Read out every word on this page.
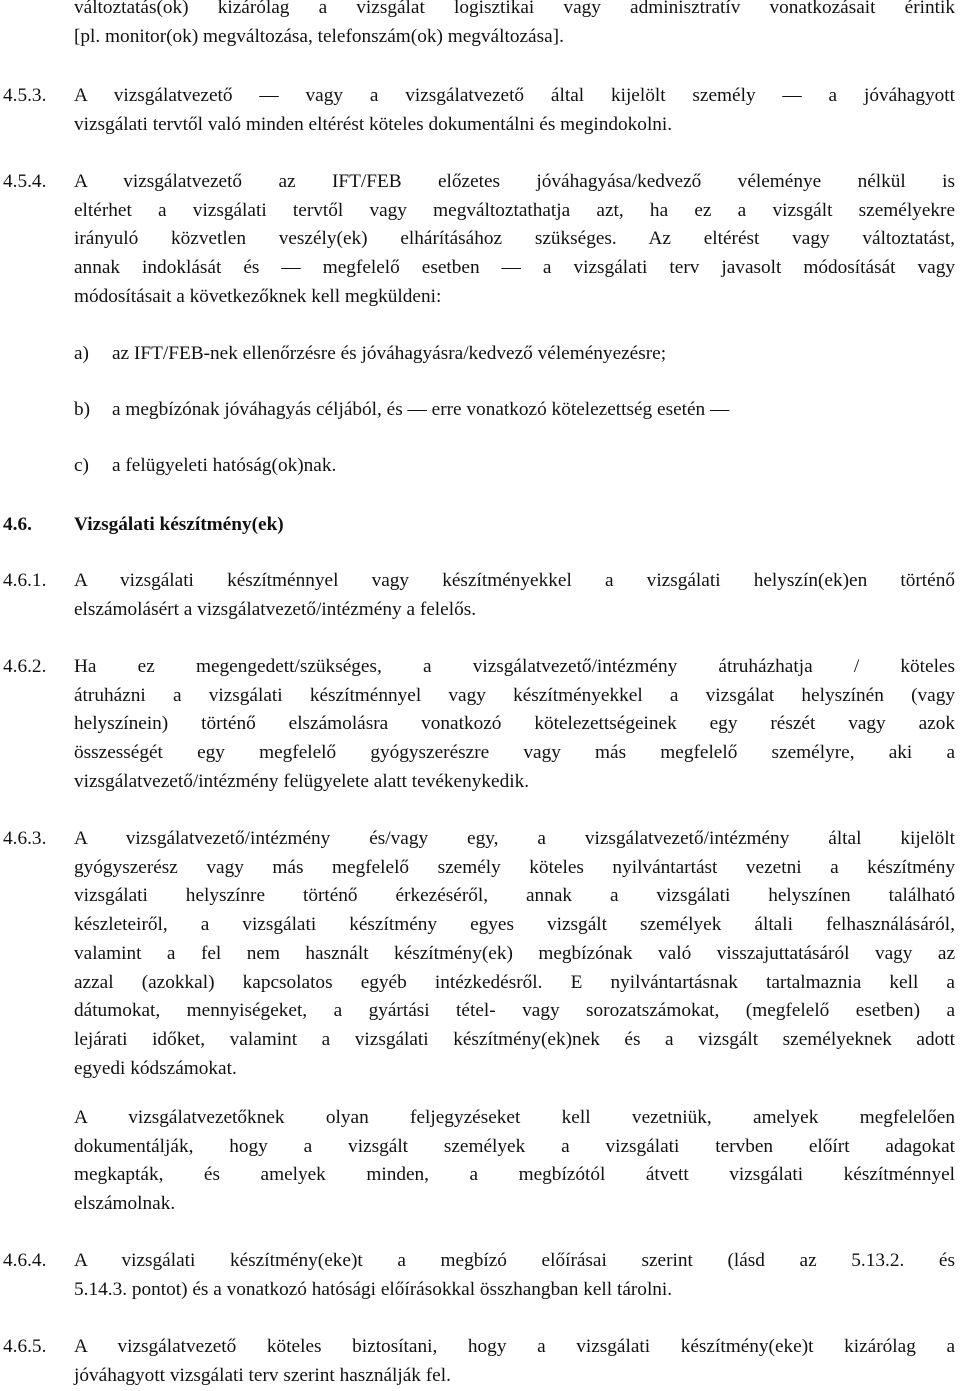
változtatás(ok) kizárólag a vizsgálat logisztikai vagy adminisztratív vonatkozásait érintik

[pl. monitor(ok) megváltozása, telefonszám(ok) megváltozása].

4.5.3. A vizsgálatvezető — vagy a vizsgálatvezető által kijelölt személy — a jóváhagyott

vizsgálati tervtől való minden eltérést köteles dokumentálni és megindokolni.

4.5.4. A vizsgálatvezető az IFT/FEB előzetes jóváhagyása/kedvező véleménye nélkül is

eltérhet a vizsgálati tervtől vagy megváltoztathatja azt, ha ez a vizsgált személyekre

irányuló közvetlen veszély(ek) elhárításához szükséges. Az eltérést vagy változtatást,

annak indoklását és — megfelelő esetben — a vizsgálati terv javasolt módosítását vagy

módosításait a következőknek kell megküldeni:

a) az IFT/FEB-nek ellenőrzésre és jóváhagyásra/kedvező véleményezésre;
b) a megbízónak jóváhagyás céljából, és — erre vonatkozó kötelezettség esetén —
c) a felügyeleti hatóság(ok)nak.
4.6. Vizsgálati készítmény(ek)
4.6.1. A vizsgálati készítménnyel vagy készítményekkel a vizsgálati helyszín(ek)en történő

elszámolásért a vizsgálatvezető/intézmény a felelős.

4.6.2. Ha ez megengedett/szükséges, a vizsgálatvezető/intézmény átruházhatja / köteles

átruházni a vizsgálati készítménnyel vagy készítményekkel a vizsgálat helyszínén (vagy

helyszínein) történő elszámolásra vonatkozó kötelezettségeinek egy részét vagy azok

összességét egy megfelelő gyógyszerészre vagy más megfelelő személyre, aki a

vizsgálatvezető/intézmény felügyelete alatt tevékenykedik.

4.6.3. A vizsgálatvezető/intézmény és/vagy egy, a vizsgálatvezető/intézmény által kijelölt

gyógyszerész vagy más megfelelő személy köteles nyilvántartást vezetni a készítmény

vizsgálati helyszínre történő érkezéséről, annak a vizsgálati helyszínen található

készleteiről, a vizsgálati készítmény egyes vizsgált személyek általi felhasználásáról,

valamint a fel nem használt készítmény(ek) megbízónak való visszajuttatásáról vagy az

azzal (azokkal) kapcsolatos egyéb intézkedésről. E nyilvántartásnak tartalmaznia kell a

dátumokat, mennyiségeket, a gyártási tétel- vagy sorozatszámokat, (megfelelő esetben) a

lejárati időket, valamint a vizsgálati készítmény(ek)nek és a vizsgált személyeknek adott

egyedi kódszámokat.

A vizsgálatvezetőknek olyan feljegyzéseket kell vezetniük, amelyek megfelelően

dokumentálják, hogy a vizsgált személyek a vizsgálati tervben előírt adagokat

megkapták, és amelyek minden, a megbízótól átvett vizsgálati készítménnyel

elszámolnak.

4.6.4. A vizsgálati készítmény(eke)t a megbízó előírásai szerint (lásd az 5.13.2. és

5.14.3. pontot) és a vonatkozó hatósági előírásokkal összhangban kell tárolni.

4.6.5. A vizsgálatvezető köteles biztosítani, hogy a vizsgálati készítmény(eke)t kizárólag a

jóváhagyott vizsgálati terv szerint használják fel.
